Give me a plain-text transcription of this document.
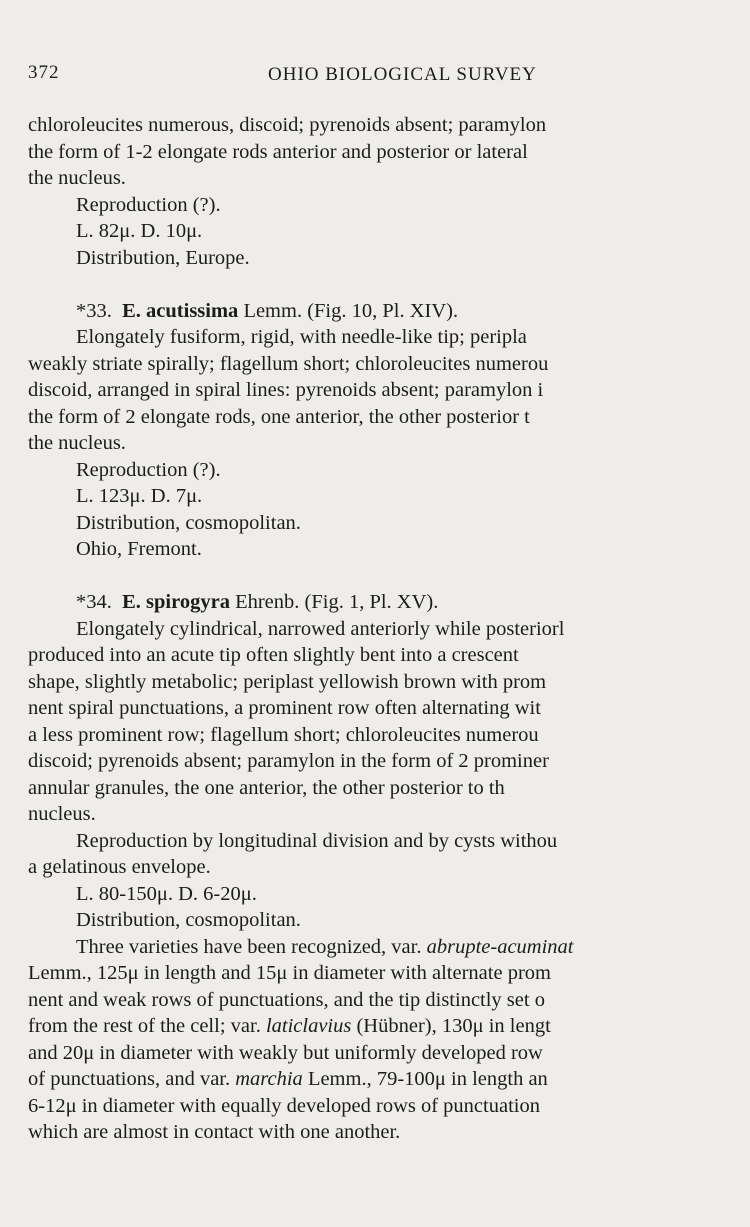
372	OHIO BIOLOGICAL SURVEY
chloroleucites numerous, discoid; pyrenoids absent; paramylon
the form of 1-2 elongate rods anterior and posterior or lateral
the nucleus.
Reproduction (?).
L. 82μ. D. 10μ.
Distribution, Europe.
*33. E. acutissima Lemm. (Fig. 10, Pl. XIV).
Elongately fusiform, rigid, with needle-like tip; peripla
weakly striate spirally; flagellum short; chloroleucites numerou
discoid, arranged in spiral lines: pyrenoids absent; paramylon i
the form of 2 elongate rods, one anterior, the other posterior t
the nucleus.
Reproduction (?).
L. 123μ. D. 7μ.
Distribution, cosmopolitan.
Ohio, Fremont.
*34. E. spirogyra Ehrenb. (Fig. 1, Pl. XV).
Elongately cylindrical, narrowed anteriorly while posteriorl
produced into an acute tip often slightly bent into a crescent
shape, slightly metabolic; periplast yellowish brown with prom
nent spiral punctuations, a prominent row often alternating wit
a less prominent row; flagellum short; chloroleucites numerou
discoid; pyrenoids absent; paramylon in the form of 2 prominer
annular granules, the one anterior, the other posterior to th
nucleus.
Reproduction by longitudinal division and by cysts withou
a gelatinous envelope.
L. 80-150μ. D. 6-20μ.
Distribution, cosmopolitan.
Three varieties have been recognized, var. abrupte-acuminat
Lemm., 125μ in length and 15μ in diameter with alternate prom
nent and weak rows of punctuations, and the tip distinctly set o
from the rest of the cell; var. laticlavius (Hübner), 130μ in lengt
and 20μ in diameter with weakly but uniformly developed row
of punctuations, and var. marchia Lemm., 79-100μ in length an
6-12μ in diameter with equally developed rows of punctuation
which are almost in contact with one another.
